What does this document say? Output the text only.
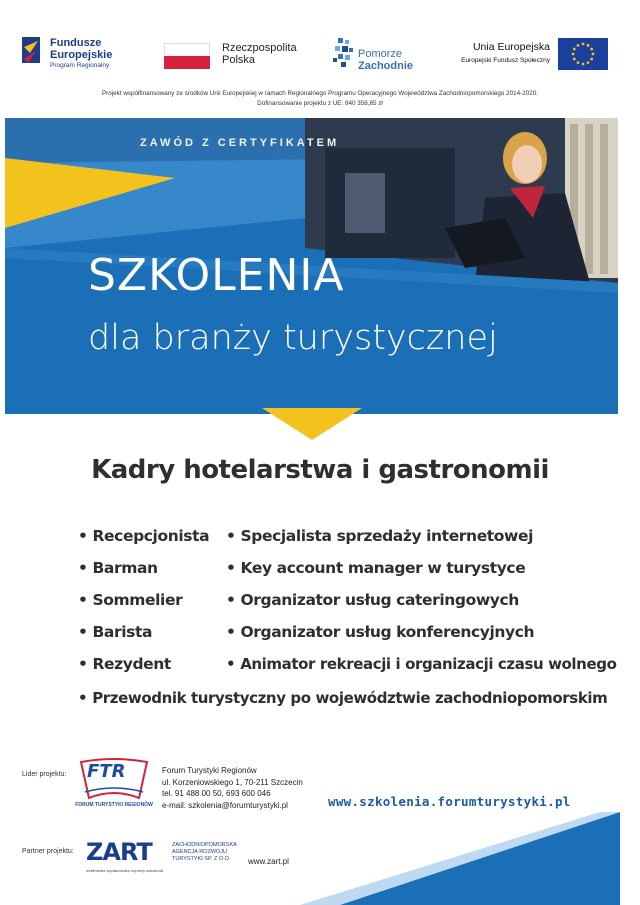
Fundusze
Europejskie
Program Regionalny
Rzeczpospolita
Polska	Pomorze
Zachodnie
Unia Europejska
Europejski Fundusz Społeczny
Projekt współfinansowany ze środków Unii Europejskiej w ramach Regionalnego Programu Operacyjnego Województwa Zachodniopomorskiego 2014-2020.
Dofinansowanie projektu z UE: 840 358,85 zł
ZAWÓD Z CERTYFIKATEM
SZKOLENIA
dla branży turystycznej
Kadry hotelarstwa i gastronomii
• Recepcjonista
• Barman
• Sommelier
• Barista
• Rezydent
• Specjalista sprzedaży internetowej
• Key account manager w turystyce
• Organizator usług cateringowych
• Organizator usług konferencyjnych
• Animator rekreacji i organizacji czasu wolnego
• Przewodnik turystyczny po województwie zachodniopomorskim
Lider projektu: FTR
FORUM TURYSTYKI REGIONÓW
Forum Turystyki Regionów
ul. Korzeniowskiego 1, 70-211 Szczecin
tel. 91 488 00 50, 693 600 046
e-mail: szkolenia@forumturystyki.pl	www.szkolenia.forumturystyki.pl
Partner projektu: ZART
multimedia wydawnictwo imprezy szkolenia
ZACHODNIOPOMORSKA
AGENCJA ROZWOJU
TURYSTYKI SP. Z O.O.	www.zart.pl
